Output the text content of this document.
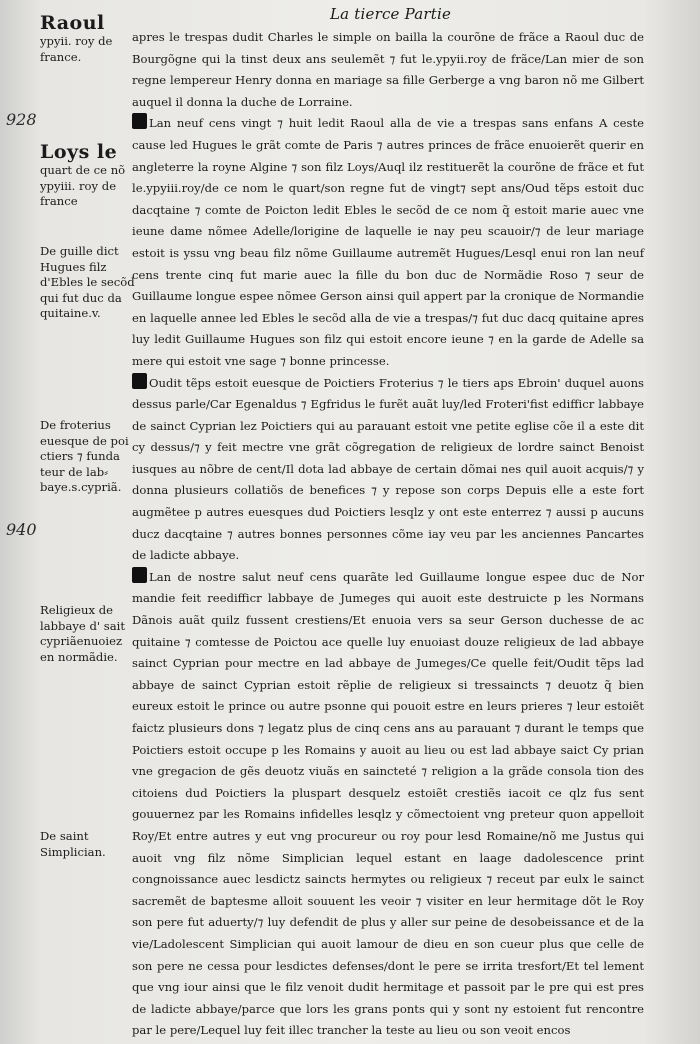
La tierce Partie
Raoul
ypyii. roy de france.
928
Loys le
quart de ce nõ ypyiii. roy de france
De guille dict Hugues filz d'Ebles le secõd qui fut duc da quitaine.v.
De froterius euesque de poi ctiers ⁊ funda teur de lab⸗ baye.s.cypriã.
940
Religieux de labbaye d' sait cypriãenuoiez en normãdie.
De saint Simplician.

apres le trespas dudit Charles le simple on bailla la courõne de frãce a Raoul duc de Bourgõgne qui la tinst deux ans seulemẽt ⁊ fut le.ypyii.roy de frãce/Lan mier de son regne lempereur Henry donna en mariage sa fille Gerberge a vng baron nõ me Gilbert auquel il donna la duche de Lorraine.

Lan neuf cens vingt ⁊ huit ledit Raoul alla de vie a trespas sans enfans A ceste cause led Hugues le grãt comte de Paris ⁊ autres princes de frãce enuoierẽt querir en angleterre la royne Algine ⁊ son filz Loys/Auql ilz restituerẽt la courõne de frãce et fut le.ypyiii.roy/de ce nom le quart/son regne fut de vingt⁊ sept ans/Oud tẽps estoit duc dacqtaine ⁊ comte de Poicton ledit Ebles le secõd de ce nom q̃ estoit marie auec vne ieune dame nõmee Adelle/lorigine de laquelle ie nay peu scauoir/⁊ de leur mariage estoit is yssu vng beau filz nõme Guillaume autremẽt Hugues/Lesql enui ron lan neuf cens trente cinq fut marie auec la fille du bon duc de Normãdie Roso ⁊ seur de Guillaume longue espee nõmee Gerson ainsi quil appert par la cronique de Normandie en laquelle annee led Ebles le secõd alla de vie a trespas/⁊ fut duc dacq quitaine apres luy ledit Guillaume Hugues son filz qui estoit encore ieune ⁊ en la garde de Adelle sa mere qui estoit vne sage ⁊ bonne princesse.

Oudit tẽps estoit euesque de Poictiers Froterius ⁊ le tiers aps Ebroin' duquel auons dessus parle/Car Egenaldus ⁊ Egfridus le furẽt auãt luy/led Froteri'fist edifficr labbaye de sainct Cyprian lez Poictiers qui au parauant estoit vne petite eglise cõe il a este dit cy dessus/⁊ y feit mectre vne grãt cõgregation de religieux de lordre sainct Benoist iusques au nõbre de cent/Il dota lad abbaye de certain dõmai nes quil auoit acquis/⁊ y donna plusieurs collatiõs de benefices ⁊ y repose son corps Depuis elle a este fort augmẽtee p autres euesques dud Poictiers lesqlz y ont este enterrez ⁊ aussi p aucuns ducz dacqtaine ⁊ autres bonnes personnes cõme iay veu par les anciennes Pancartes de ladicte abbaye.

Lan de nostre salut neuf cens quarãte led Guillaume longue espee duc de Nor mandie feit reedifficr labbaye de Jumeges qui auoit este destruicte p les Normans Dãnois auãt quilz fussent crestiens/Et enuoia vers sa seur Gerson duchesse de ac quitaine ⁊ comtesse de Poictou ace quelle luy enuoiast douze religieux de lad abbaye sainct Cyprian pour mectre en lad abbaye de Jumeges/Ce quelle feit/Oudit tẽps lad abbaye de sainct Cyprian estoit rẽplie de religieux si tressaincts ⁊ deuotz q̃ bien eureux estoit le prince ou autre psonne qui pouoit estre en leurs prieres ⁊ leur estoiẽt faictz plusieurs dons ⁊ legatz plus de cinq cens ans au parauant ⁊ durant le temps que Poictiers estoit occupe p les Romains y auoit au lieu ou est lad abbaye saict Cy prian vne gregacion de gẽs deuotz viuãs en saincteté ⁊ religion a la grãde consola tion des citoiens dud Poictiers la pluspart desquelz estoiẽt crestiẽs iacoit ce qlz fus sent gouuernez par les Romains infidelles lesqlz y cõmectoient vng preteur quon appelloit Roy/Et entre autres y eut vng procureur ou roy pour lesd Romaine/nõ me Justus qui auoit vng filz nõme Simplician lequel estant en laage dadolescence print congnoissance auec lesdictz saincts hermytes ou religieux ⁊ receut par eulx le sainct sacremẽt de baptesme alloit souuent les veoir ⁊ visiter en leur hermitage dõt le Roy son pere fut aduerty/⁊ luy defendit de plus y aller sur peine de desobeissance et de la vie/Ladolescent Simplician qui auoit lamour de dieu en son cueur plus que celle de son pere ne cessa pour lesdictes defenses/dont le pere se irrita tresfort/Et tel lement que vng iour ainsi que le filz venoit dudit hermitage et passoit par le pre qui est pres de ladicte abbaye/parce que lors les grans ponts qui y sont ny estoient fut rencontre par le pere/Lequel luy feit illec trancher la teste au lieu ou son veoit encos
